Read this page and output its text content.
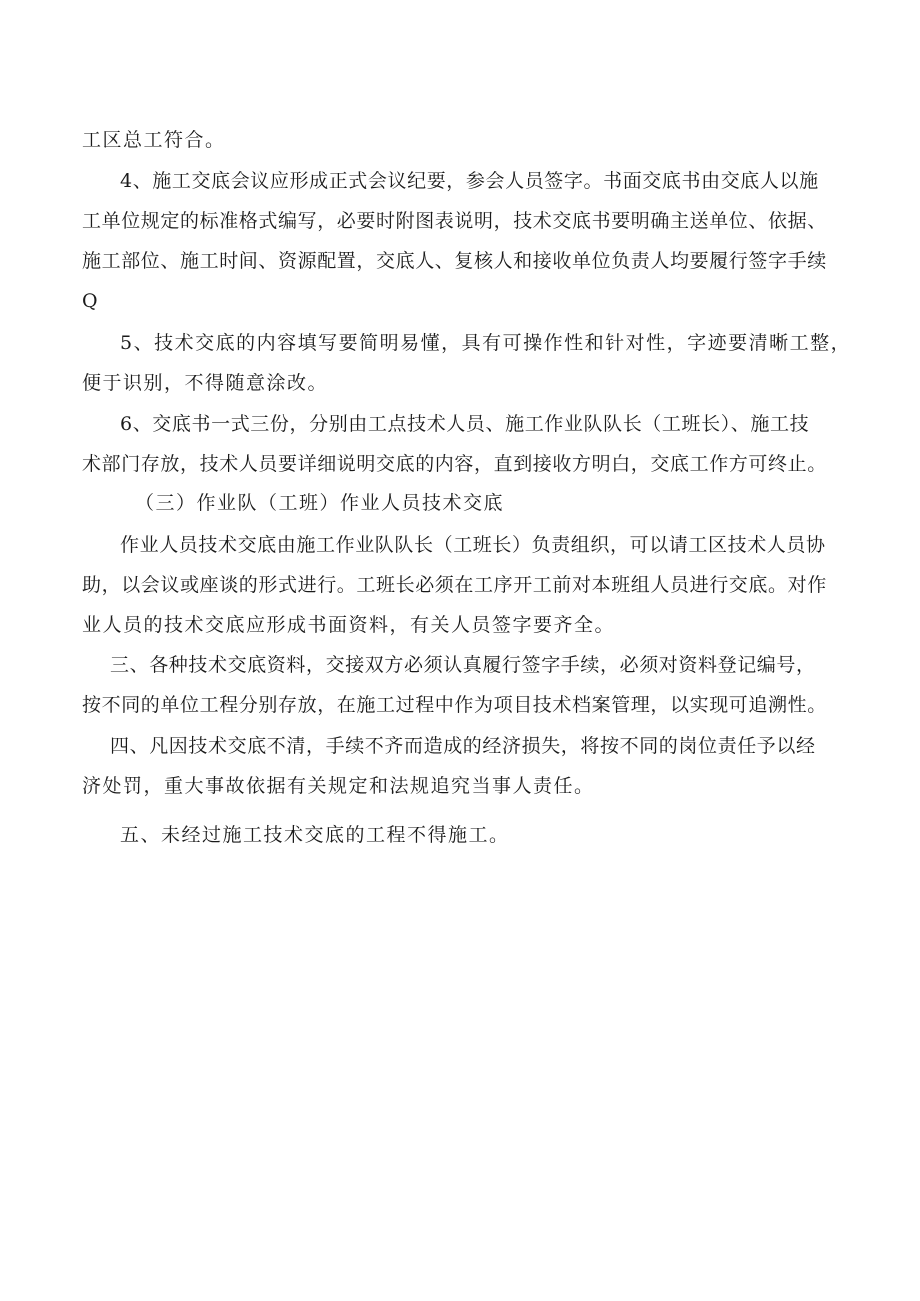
工区总工符合。

4、施工交底会议应形成正式会议纪要，参会人员签字。书面交底书由交底人以施

工单位规定的标准格式编写，必要时附图表说明，技术交底书要明确主送单位、依据、

施工部位、施工时间、资源配置，交底人、复核人和接收单位负责人均要履行签字手续

Q

5、技术交底的内容填写要简明易懂，具有可操作性和针对性，字迹要清晰工整，

便于识别，不得随意涂改。

6、交底书一式三份，分别由工点技术人员、施工作业队队长（工班长）、施工技

术部门存放，技术人员要详细说明交底的内容，直到接收方明白，交底工作方可终止。

（三）作业队（工班）作业人员技术交底

作业人员技术交底由施工作业队队长（工班长）负责组织，可以请工区技术人员协

助，以会议或座谈的形式进行。工班长必须在工序开工前对本班组人员进行交底。对作

业人员的技术交底应形成书面资料，有关人员签字要齐全。

三、各种技术交底资料，交接双方必须认真履行签字手续，必须对资料登记编号，

按不同的单位工程分别存放，在施工过程中作为项目技术档案管理，以实现可追溯性。

四、凡因技术交底不清，手续不齐而造成的经济损失，将按不同的岗位责任予以经

济处罚，重大事故依据有关规定和法规追究当事人责任。

五、未经过施工技术交底的工程不得施工。
